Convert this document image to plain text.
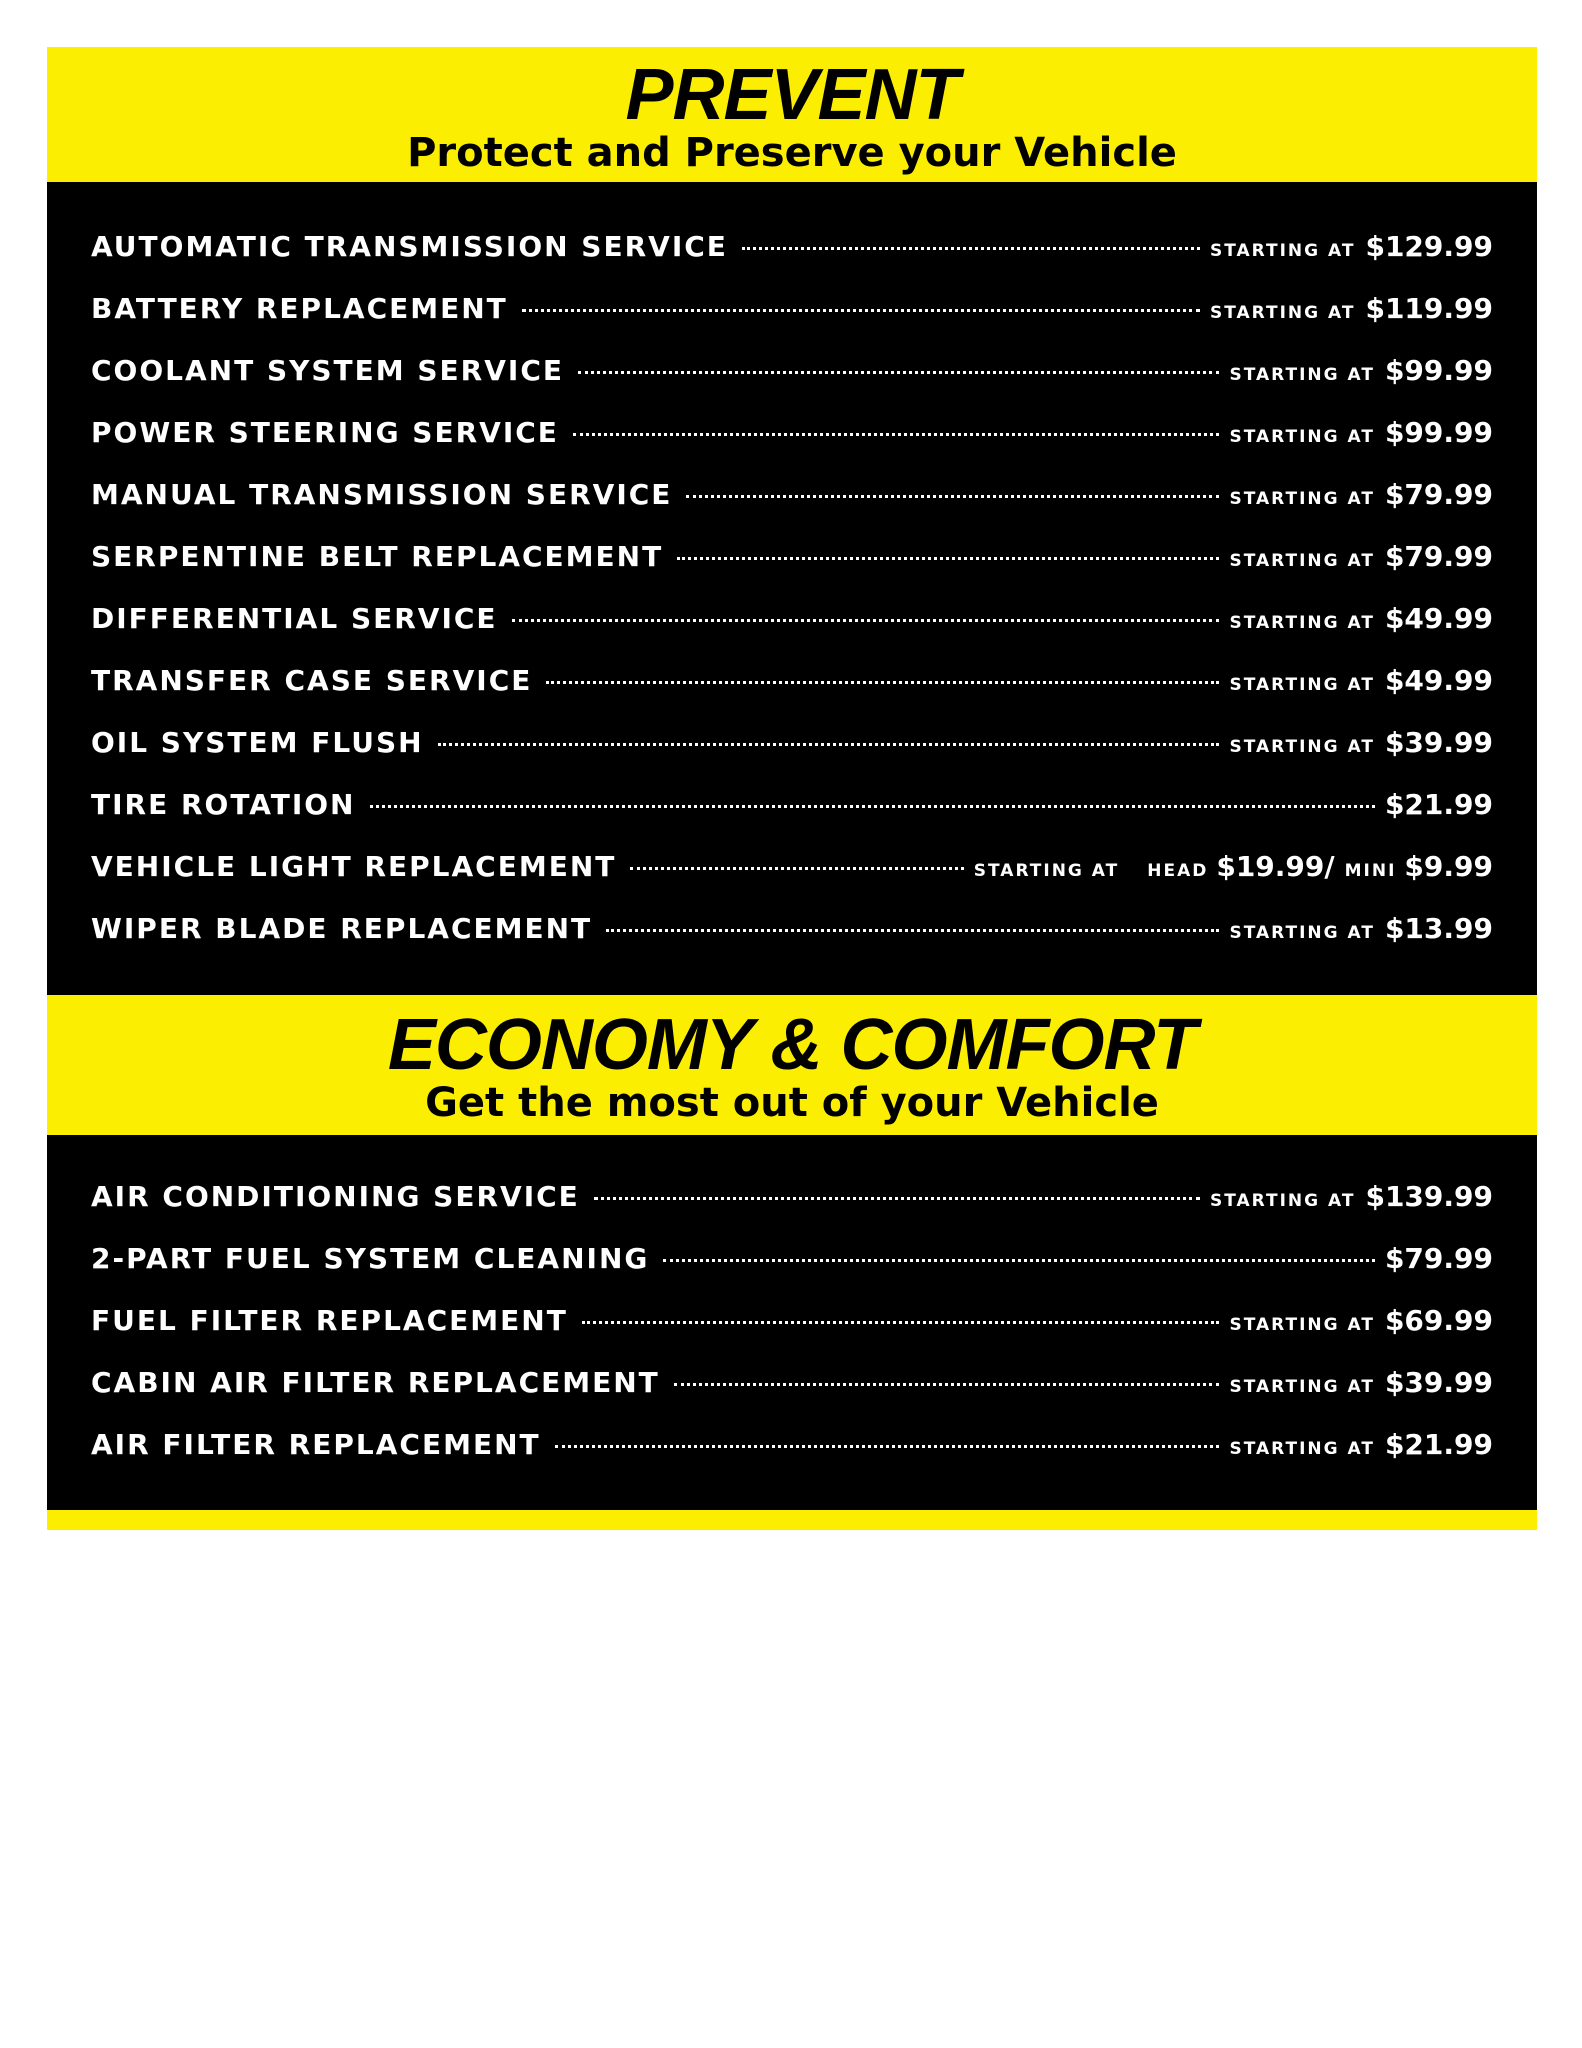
PREVENT
Protect and Preserve your Vehicle
AUTOMATIC TRANSMISSION SERVICE	STARTING AT $129.99
BATTERY REPLACEMENT	STARTING AT $119.99
COOLANT SYSTEM SERVICE	STARTING AT $99.99
POWER STEERING SERVICE	STARTING AT $99.99
MANUAL TRANSMISSION SERVICE	STARTING AT $79.99
SERPENTINE BELT REPLACEMENT	STARTING AT $79.99
DIFFERENTIAL SERVICE	STARTING AT $49.99
TRANSFER CASE SERVICE	STARTING AT $49.99
OIL SYSTEM FLUSH	STARTING AT $39.99
TIRE ROTATION	$21.99
VEHICLE LIGHT REPLACEMENT	STARTING AT HEAD $19.99/ MINI $9.99
WIPER BLADE REPLACEMENT	STARTING AT $13.99
ECONOMY & COMFORT
Get the most out of your Vehicle
AIR CONDITIONING SERVICE	STARTING AT $139.99
2-PART FUEL SYSTEM CLEANING	$79.99
FUEL FILTER REPLACEMENT	STARTING AT $69.99
CABIN AIR FILTER REPLACEMENT	STARTING AT $39.99
AIR FILTER REPLACEMENT	STARTING AT $21.99
